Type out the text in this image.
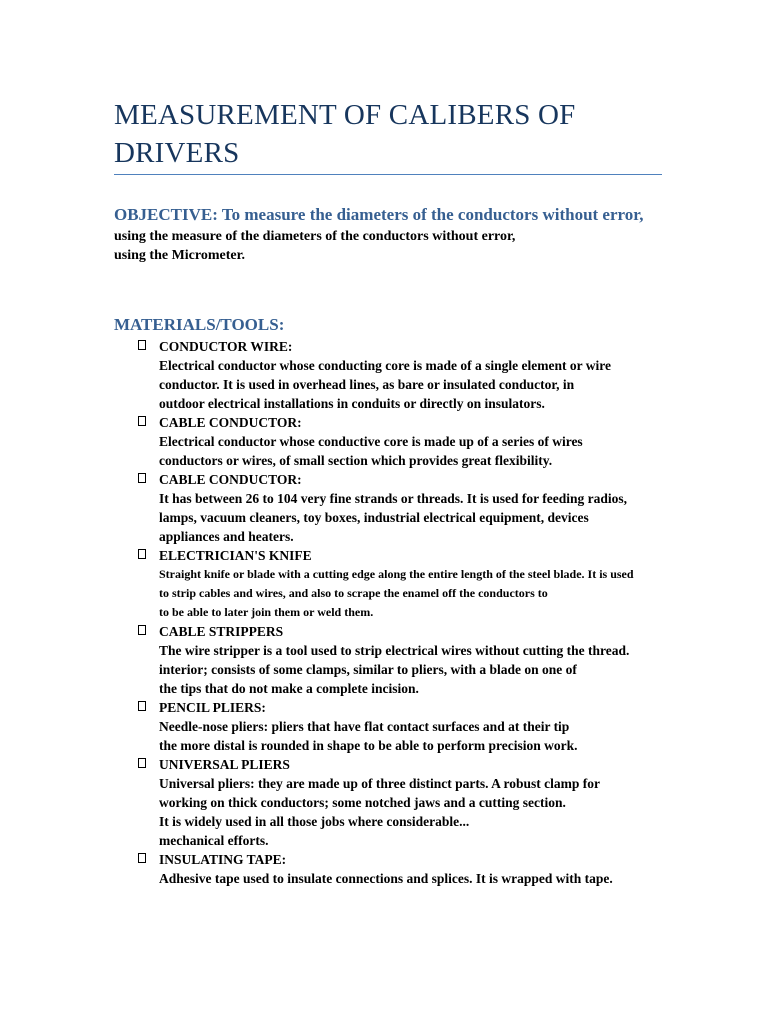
MEASUREMENT OF CALIBERS OF DRIVERS
OBJECTIVE: To measure the diameters of the conductors without error,
using the measure of the diameters of the conductors without error,
using the Micrometer.
MATERIALS/TOOLS:
CONDUCTOR WIRE:
Electrical conductor whose conducting core is made of a single element or wire
conductor. It is used in overhead lines, as bare or insulated conductor, in
outdoor electrical installations in conduits or directly on insulators.
CABLE CONDUCTOR:
Electrical conductor whose conductive core is made up of a series of wires
conductors or wires, of small section which provides great flexibility.
CABLE CONDUCTOR:
It has between 26 to 104 very fine strands or threads. It is used for feeding radios,
lamps, vacuum cleaners, toy boxes, industrial electrical equipment, devices
appliances and heaters.
ELECTRICIAN'S KNIFE
Straight knife or blade with a cutting edge along the entire length of the steel blade. It is used
to strip cables and wires, and also to scrape the enamel off the conductors to
to be able to later join them or weld them.
CABLE STRIPPERS
The wire stripper is a tool used to strip electrical wires without cutting the thread.
interior; consists of some clamps, similar to pliers, with a blade on one of
the tips that do not make a complete incision.
PENCIL PLIERS:
Needle-nose pliers: pliers that have flat contact surfaces and at their tip
the more distal is rounded in shape to be able to perform precision work.
UNIVERSAL PLIERS
Universal pliers: they are made up of three distinct parts. A robust clamp for
working on thick conductors; some notched jaws and a cutting section.
It is widely used in all those jobs where considerable...
mechanical efforts.
INSULATING TAPE:
Adhesive tape used to insulate connections and splices. It is wrapped with tape.
